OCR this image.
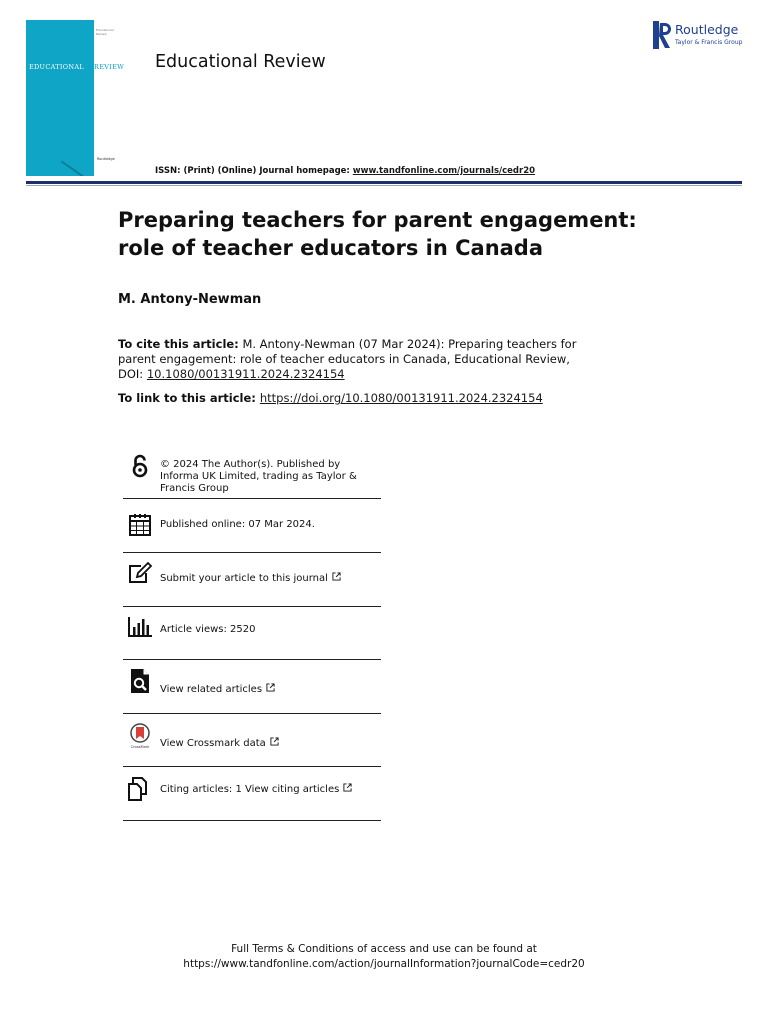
Educational Review
EDUCATIONAL REVIEW
Routledge
Educational Review
ISSN: (Print) (Online) Journal homepage: www.tandfonline.com/journals/cedr20
Routledge
Taylor & Francis Group
Preparing teachers for parent engagement: role of teacher educators in Canada
M. Antony-Newman
To cite this article: M. Antony-Newman (07 Mar 2024): Preparing teachers for parent engagement: role of teacher educators in Canada, Educational Review, DOI: 10.1080/00131911.2024.2324154
To link to this article: https://doi.org/10.1080/00131911.2024.2324154
© 2024 The Author(s). Published by Informa UK Limited, trading as Taylor & Francis Group
Published online: 07 Mar 2024.
Submit your article to this journal
Article views: 2520
View related articles
CrossMark View Crossmark data
Citing articles: 1 View citing articles
Full Terms & Conditions of access and use can be found at
https://www.tandfonline.com/action/journalInformation?journalCode=cedr20
